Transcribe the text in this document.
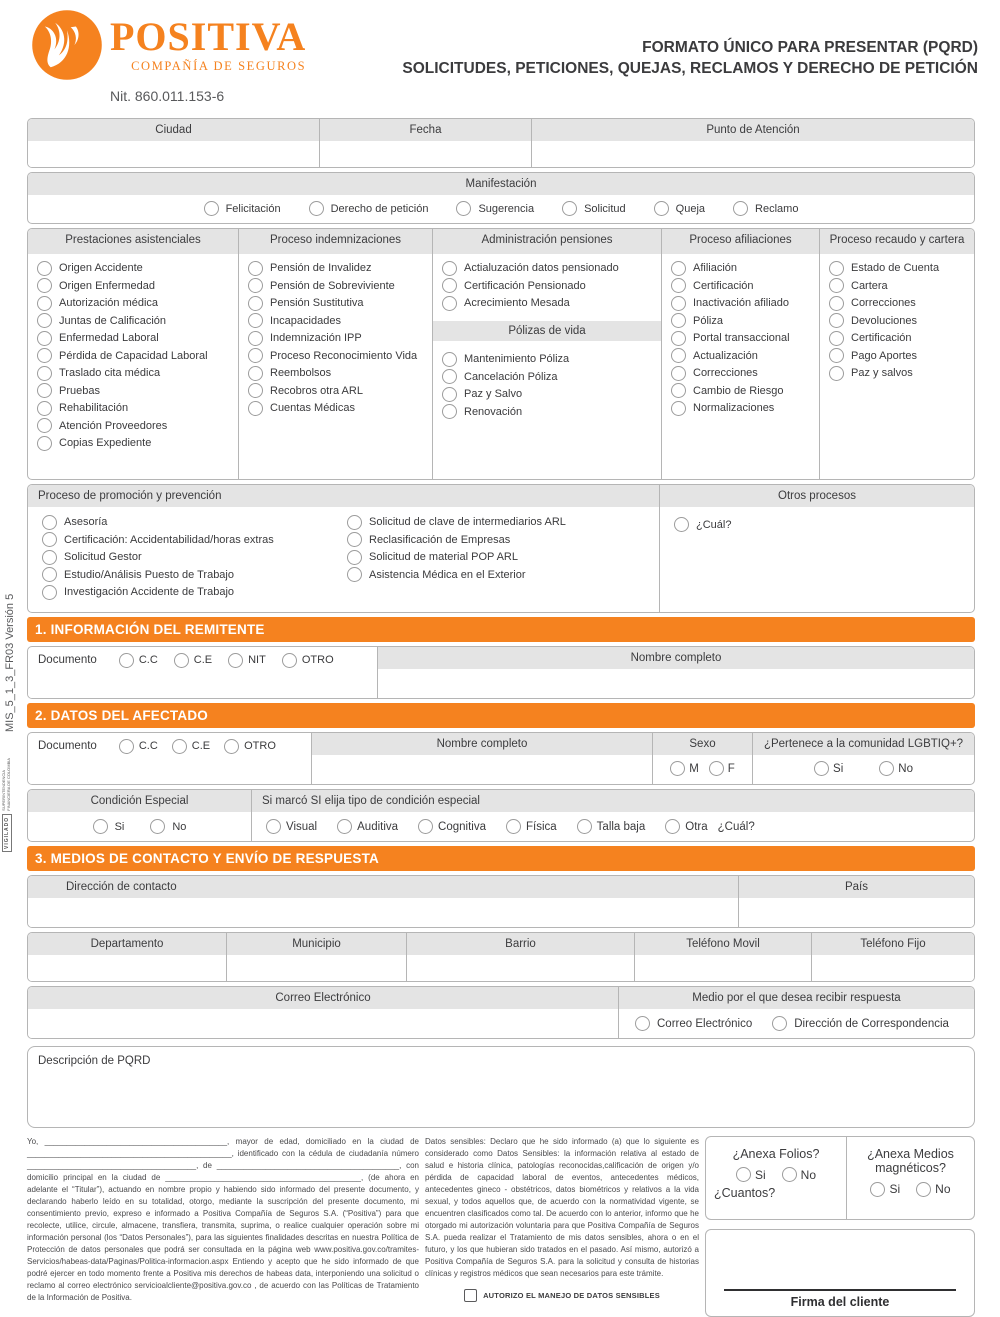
MIS_5_1_3_FR03 Versión 5
VIGILADO
SUPERINTENDENCIA FINANCIERA DE COLOMBIA
POSITIVA
COMPAÑÍA DE SEGUROS
Nit. 860.011.153-6
FORMATO ÚNICO PARA PRESENTAR (PQRD)
SOLICITUDES, PETICIONES, QUEJAS, RECLAMOS Y DERECHO DE PETICIÓN
Ciudad	Fecha	Punto de Atención
Manifestación
Felicitación	Derecho de petición	Sugerencia	Solicitud	Queja	Reclamo
Prestaciones asistenciales
Origen Accidente
Origen Enfermedad
Autorización médica
Juntas de Calificación
Enfermedad Laboral
Pérdida de Capacidad Laboral
Traslado cita médica
Pruebas
Rehabilitación
Atención Proveedores
Copias Expediente
Proceso indemnizaciones
Pensión de Invalidez
Pensión de Sobreviviente
Pensión Sustitutiva
Incapacidades
Indemnización IPP
Proceso Reconocimiento Vida
Reembolsos
Recobros otra ARL
Cuentas Médicas
Administración pensiones
Actialuzación datos pensionado
Certificación Pensionado
Acrecimiento Mesada
Pólizas de vida
Mantenimiento Póliza
Cancelación Póliza
Paz y Salvo
Renovación
Proceso afiliaciones
Afiliación
Certificación
Inactivación afiliado
Póliza
Portal transaccional
Actualización
Correcciones
Cambio de Riesgo
Normalizaciones
Proceso recaudo y cartera
Estado de Cuenta
Cartera
Correcciones
Devoluciones
Certificación
Pago Aportes
Paz y salvos
Proceso de promoción y prevención
Asesoría
Certificación: Accidentabilidad/horas extras
Solicitud Gestor
Estudio/Análisis Puesto de Trabajo
Investigación Accidente de Trabajo
Solicitud de clave de intermediarios ARL
Reclasificación de Empresas
Solicitud de material POP ARL
Asistencia Médica en el Exterior
Otros procesos
¿Cuál?
1. INFORMACIÓN DEL REMITENTE
Documento	C.C	C.E	NIT	OTRO	Nombre completo
2. DATOS DEL AFECTADO
Documento	C.C	C.E	OTRO	Nombre completo	Sexo
M	F
¿Pertenece a la comunidad LGBTIQ+?
Si	No
Condición Especial
Si	No
Si marcó SI elija tipo de condición especial
Visual	Auditiva	Cognitiva	Física	Talla baja	Otra ¿Cuál?
3. MEDIOS DE CONTACTO Y ENVÍO DE RESPUESTA
Dirección de contacto	País
Departamento	Municipio	Barrio	Teléfono Movil	Teléfono Fijo
Correo Electrónico	Medio por el que desea recibir respuesta
Correo Electrónico	Dirección de Correspondencia
Descripción de PQRD
Yo, _________________________________________, mayor de edad, domiciliado en la ciudad de ______________________________________________, identificado con la cédula de ciudadanía número ______________________________________, de _________________________________________, con domicilio principal en la ciudad de ____________________________________________, (de ahora en adelante el “Titular”), actuando en nombre propio y habiendo sido informado del presente documento, y declarando haberlo leído en su totalidad, otorgo, mediante la suscripción del presente documento, mi consentimiento previo, expreso e informado a Positiva Compañía de Seguros S.A. (“Positiva”) para que recolecte, utilice, circule, almacene, transfiera, transmita, suprima, o realice cualquier operación sobre mi información personal (los “Datos Personales”), para las siguientes finalidades descritas en nuestra Política de Protección de datos personales que podrá ser consultada en la página web www.positiva.gov.co/tramites-Servicios/habeas-data/Paginas/Politica-informacion.aspx Entiendo y acepto que he sido informado de que podré ejercer en todo momento frente a Positiva mis derechos de habeas data, interponiendo una solicitud o reclamo al correo electrónico servicioalcliente@positiva.gov.co , de acuerdo con las Políticas de Tratamiento de la Información de Positiva.
Datos sensibles: Declaro que he sido informado (a) que lo siguiente es considerado como Datos Sensibles: la información relativa al estado de salud e historia clínica, patologías reconocidas,calificación de origen y/o pérdida de capacidad laboral de eventos, antecedentes médicos, antecedentes gineco - obstétricos, datos biométricos y relativos a la vida sexual, y todos aquellos que, de acuerdo con la normatividad vigente, se encuentren clasificados como tal. De acuerdo con lo anterior, informo que he otorgado mi autorización voluntaria para que Positiva Compañía de Seguros S.A. pueda realizar el Tratamiento de mis datos sensibles, ahora o en el futuro, y los que hubieran sido tratados en el pasado. Así mismo, autorizó a Positiva Compañía de Seguros S.A. para la solicitud y consulta de historias clínicas y registros médicos que sean necesarios para este trámite.
AUTORIZO EL MANEJO DE DATOS SENSIBLES
¿Anexa Folios?
Si	No
¿Cuantos?
¿Anexa Medios magnéticos?
Si	No
Firma del cliente
